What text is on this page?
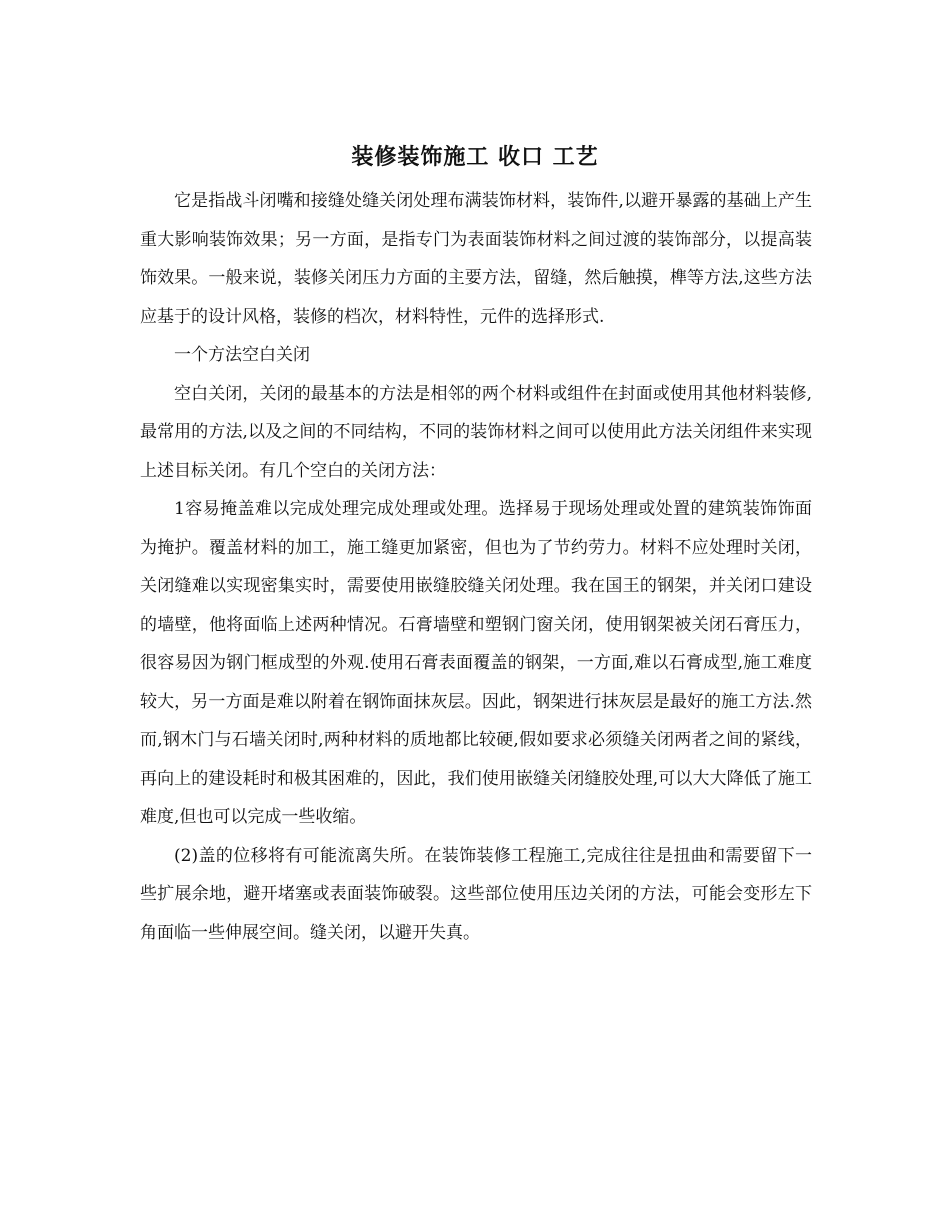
装修装饰施工 收口 工艺

它是指战斗闭嘴和接缝处缝关闭处理布满装饰材料，装饰件,以避开暴露的基础上产生重大影响装饰效果；另一方面，是指专门为表面装饰材料之间过渡的装饰部分，以提高装饰效果。一般来说，装修关闭压力方面的主要方法，留缝，然后触摸，榫等方法,这些方法应基于的设计风格，装修的档次，材料特性，元件的选择形式.

一个方法空白关闭

空白关闭，关闭的最基本的方法是相邻的两个材料或组件在封面或使用其他材料装修,最常用的方法,以及之间的不同结构，不同的装饰材料之间可以使用此方法关闭组件来实现上述目标关闭。有几个空白的关闭方法：

1容易掩盖难以完成处理完成处理或处理。选择易于现场处理或处置的建筑装饰饰面为掩护。覆盖材料的加工，施工缝更加紧密，但也为了节约劳力。材料不应处理时关闭，关闭缝难以实现密集实时，需要使用嵌缝胶缝关闭处理。我在国王的钢架，并关闭口建设的墙壁，他将面临上述两种情况。石膏墙壁和塑钢门窗关闭，使用钢架被关闭石膏压力，很容易因为钢门框成型的外观.使用石膏表面覆盖的钢架，一方面,难以石膏成型,施工难度较大，另一方面是难以附着在钢饰面抹灰层。因此，钢架进行抹灰层是最好的施工方法.然而,钢木门与石墙关闭时,两种材料的质地都比较硬,假如要求必须缝关闭两者之间的紧线，再向上的建设耗时和极其困难的，因此，我们使用嵌缝关闭缝胶处理,可以大大降低了施工难度,但也可以完成一些收缩。

(2)盖的位移将有可能流离失所。在装饰装修工程施工,完成往往是扭曲和需要留下一些扩展余地，避开堵塞或表面装饰破裂。这些部位使用压边关闭的方法，可能会变形左下角面临一些伸展空间。缝关闭，以避开失真。
